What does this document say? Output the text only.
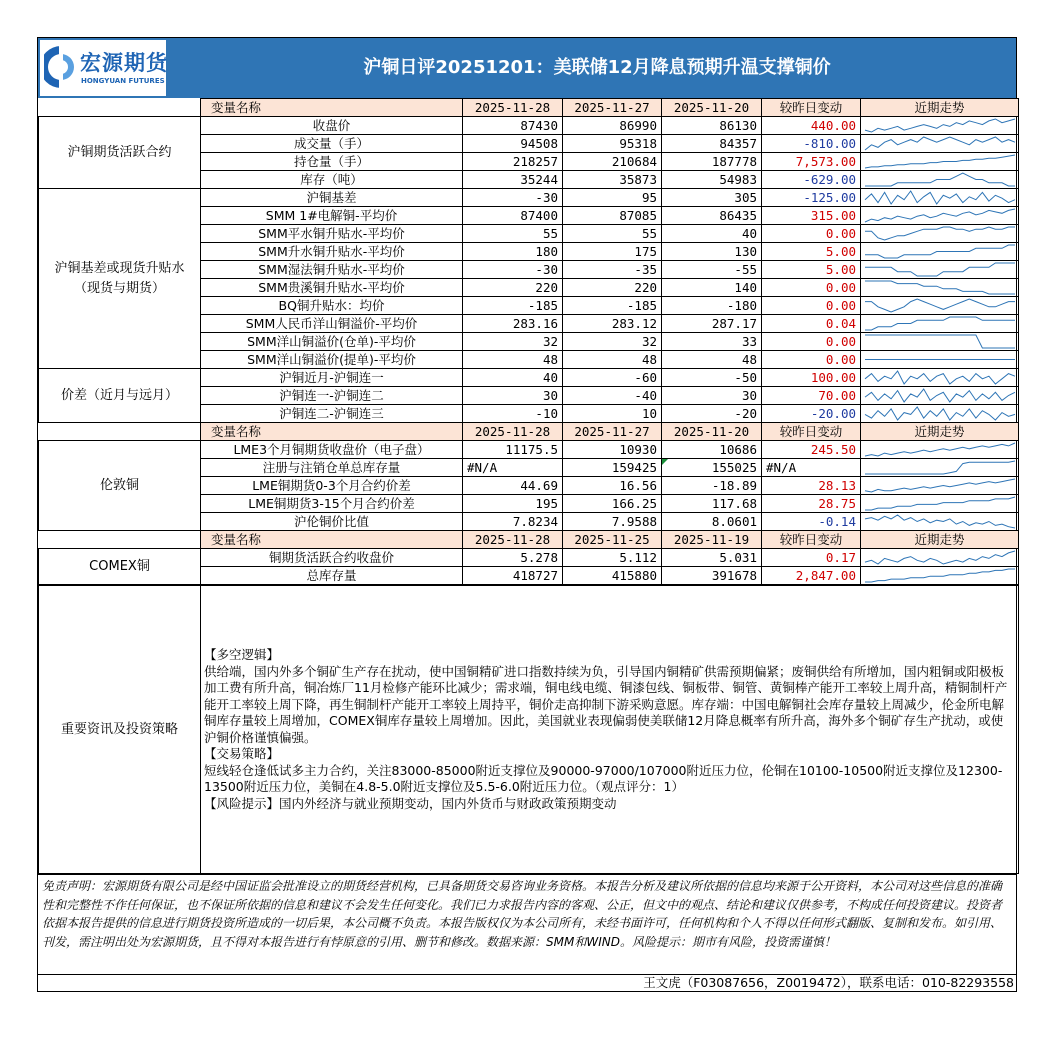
宏源期货
HONGYUAN FUTURES
沪铜日评20251201：美联储12月降息预期升温支撑铜价
	变量名称	2025-11-28	2025-11-27	2025-11-20	较昨日变动	近期走势
沪铜期货活跃合约	收盘价	87430	86990	86130	440.00	

	成交量（手）	94508	95318	84357	-810.00	

	持仓量（手）	218257	210684	187778	7,573.00	

	库存（吨）	35244	35873	54983	-629.00	

沪铜基差或现货升贴水（现货与期货）	沪铜基差	-30	95	305	-125.00	

	SMM 1#电解铜-平均价	87400	87085	86435	315.00	

	SMM平水铜升贴水-平均价	55	55	40	0.00	

	SMM升水铜升贴水-平均价	180	175	130	5.00	

	SMM湿法铜升贴水-平均价	-30	-35	-55	5.00	

	SMM贵溪铜升贴水-平均价	220	220	140	0.00	

	BQ铜升贴水：均价	-185	-185	-180	0.00	

	SMM人民币洋山铜溢价-平均价	283.16	283.12	287.17	0.04	

	SMM洋山铜溢价(仓单)-平均价	32	32	33	0.00	

	SMM洋山铜溢价(提单)-平均价	48	48	48	0.00	

价差（近月与远月）	沪铜近月-沪铜连一	40	-60	-50	100.00	

	沪铜连一-沪铜连二	30	-40	30	70.00	

	沪铜连二-沪铜连三	-10	10	-20	-20.00	

	变量名称	2025-11-28	2025-11-27	2025-11-20	较昨日变动	近期走势
伦敦铜	LME3个月铜期货收盘价（电子盘）	11175.5	10930	10686	245.50	

	注册与注销仓单总库存量	#N/A	159425	155025	#N/A	

	LME铜期货0-3个月合约价差	44.69	16.56	-18.89	28.13	

	LME铜期货3-15个月合约价差	195	166.25	117.68	28.75	

	沪伦铜价比值	7.8234	7.9588	8.0601	-0.14	

	变量名称	2025-11-28	2025-11-25	2025-11-19	较昨日变动	近期走势
COMEX铜	铜期货活跃合约收盘价	5.278	5.112	5.031	0.17	

	总库存量	418727	415880	391678	2,847.00	
重要资讯及投资策略	

【多空逻辑】

供给端，国内外多个铜矿生产存在扰动，使中国铜精矿进口指数持续为负，引导国内铜精矿供需预期偏紧；废铜供给有所增加，国内粗铜或阳极板加工费有所升高，铜冶炼厂11月检修产能环比减少；需求端，铜电线电缆、铜漆包线、铜板带、铜管、黄铜棒产能开工率较上周升高，精铜制杆产能开工率较上周下降，再生铜制杆产能开工率较上周持平，铜价走高抑制下游采购意愿。库存端：中国电解铜社会库存量较上周减少，伦金所电解铜库存量较上周增加，COMEX铜库存量较上周增加。因此，美国就业表现偏弱使美联储12月降息概率有所升高，海外多个铜矿存生产扰动，或使沪铜价格谨慎偏强。

【交易策略】

短线轻仓逢低试多主力合约，关注83000-85000附近支撑位及90000-97000/107000附近压力位，伦铜在10100-10500附近支撑位及12300-13500附近压力位，美铜在4.8-5.0附近支撑位及5.5-6.0附近压力位。（观点评分：1）

【风险提示】国内外经济与就业预期变动，国内外货币与财政政策预期变动

免责声明：宏源期货有限公司是经中国证监会批准设立的期货经营机构，已具备期货交易咨询业务资格。本报告分析及建议所依据的信息均来源于公开资料，本公司对这些信息的准确性和完整性不作任何保证，也不保证所依据的信息和建议不会发生任何变化。我们已力求报告内容的客观、公正，但文中的观点、结论和建议仅供参考，不构成任何投资建议。投资者依据本报告提供的信息进行期货投资所造成的一切后果，本公司概不负责。本报告版权仅为本公司所有，未经书面许可，任何机构和个人不得以任何形式翻版、复制和发布。如引用、刊发，需注明出处为宏源期货，且不得对本报告进行有悖原意的引用、删节和修改。数据来源：SMM和WIND。风险提示：期市有风险，投资需谨慎！
王文虎（F03087656，Z0019472），联系电话：010-82293558
